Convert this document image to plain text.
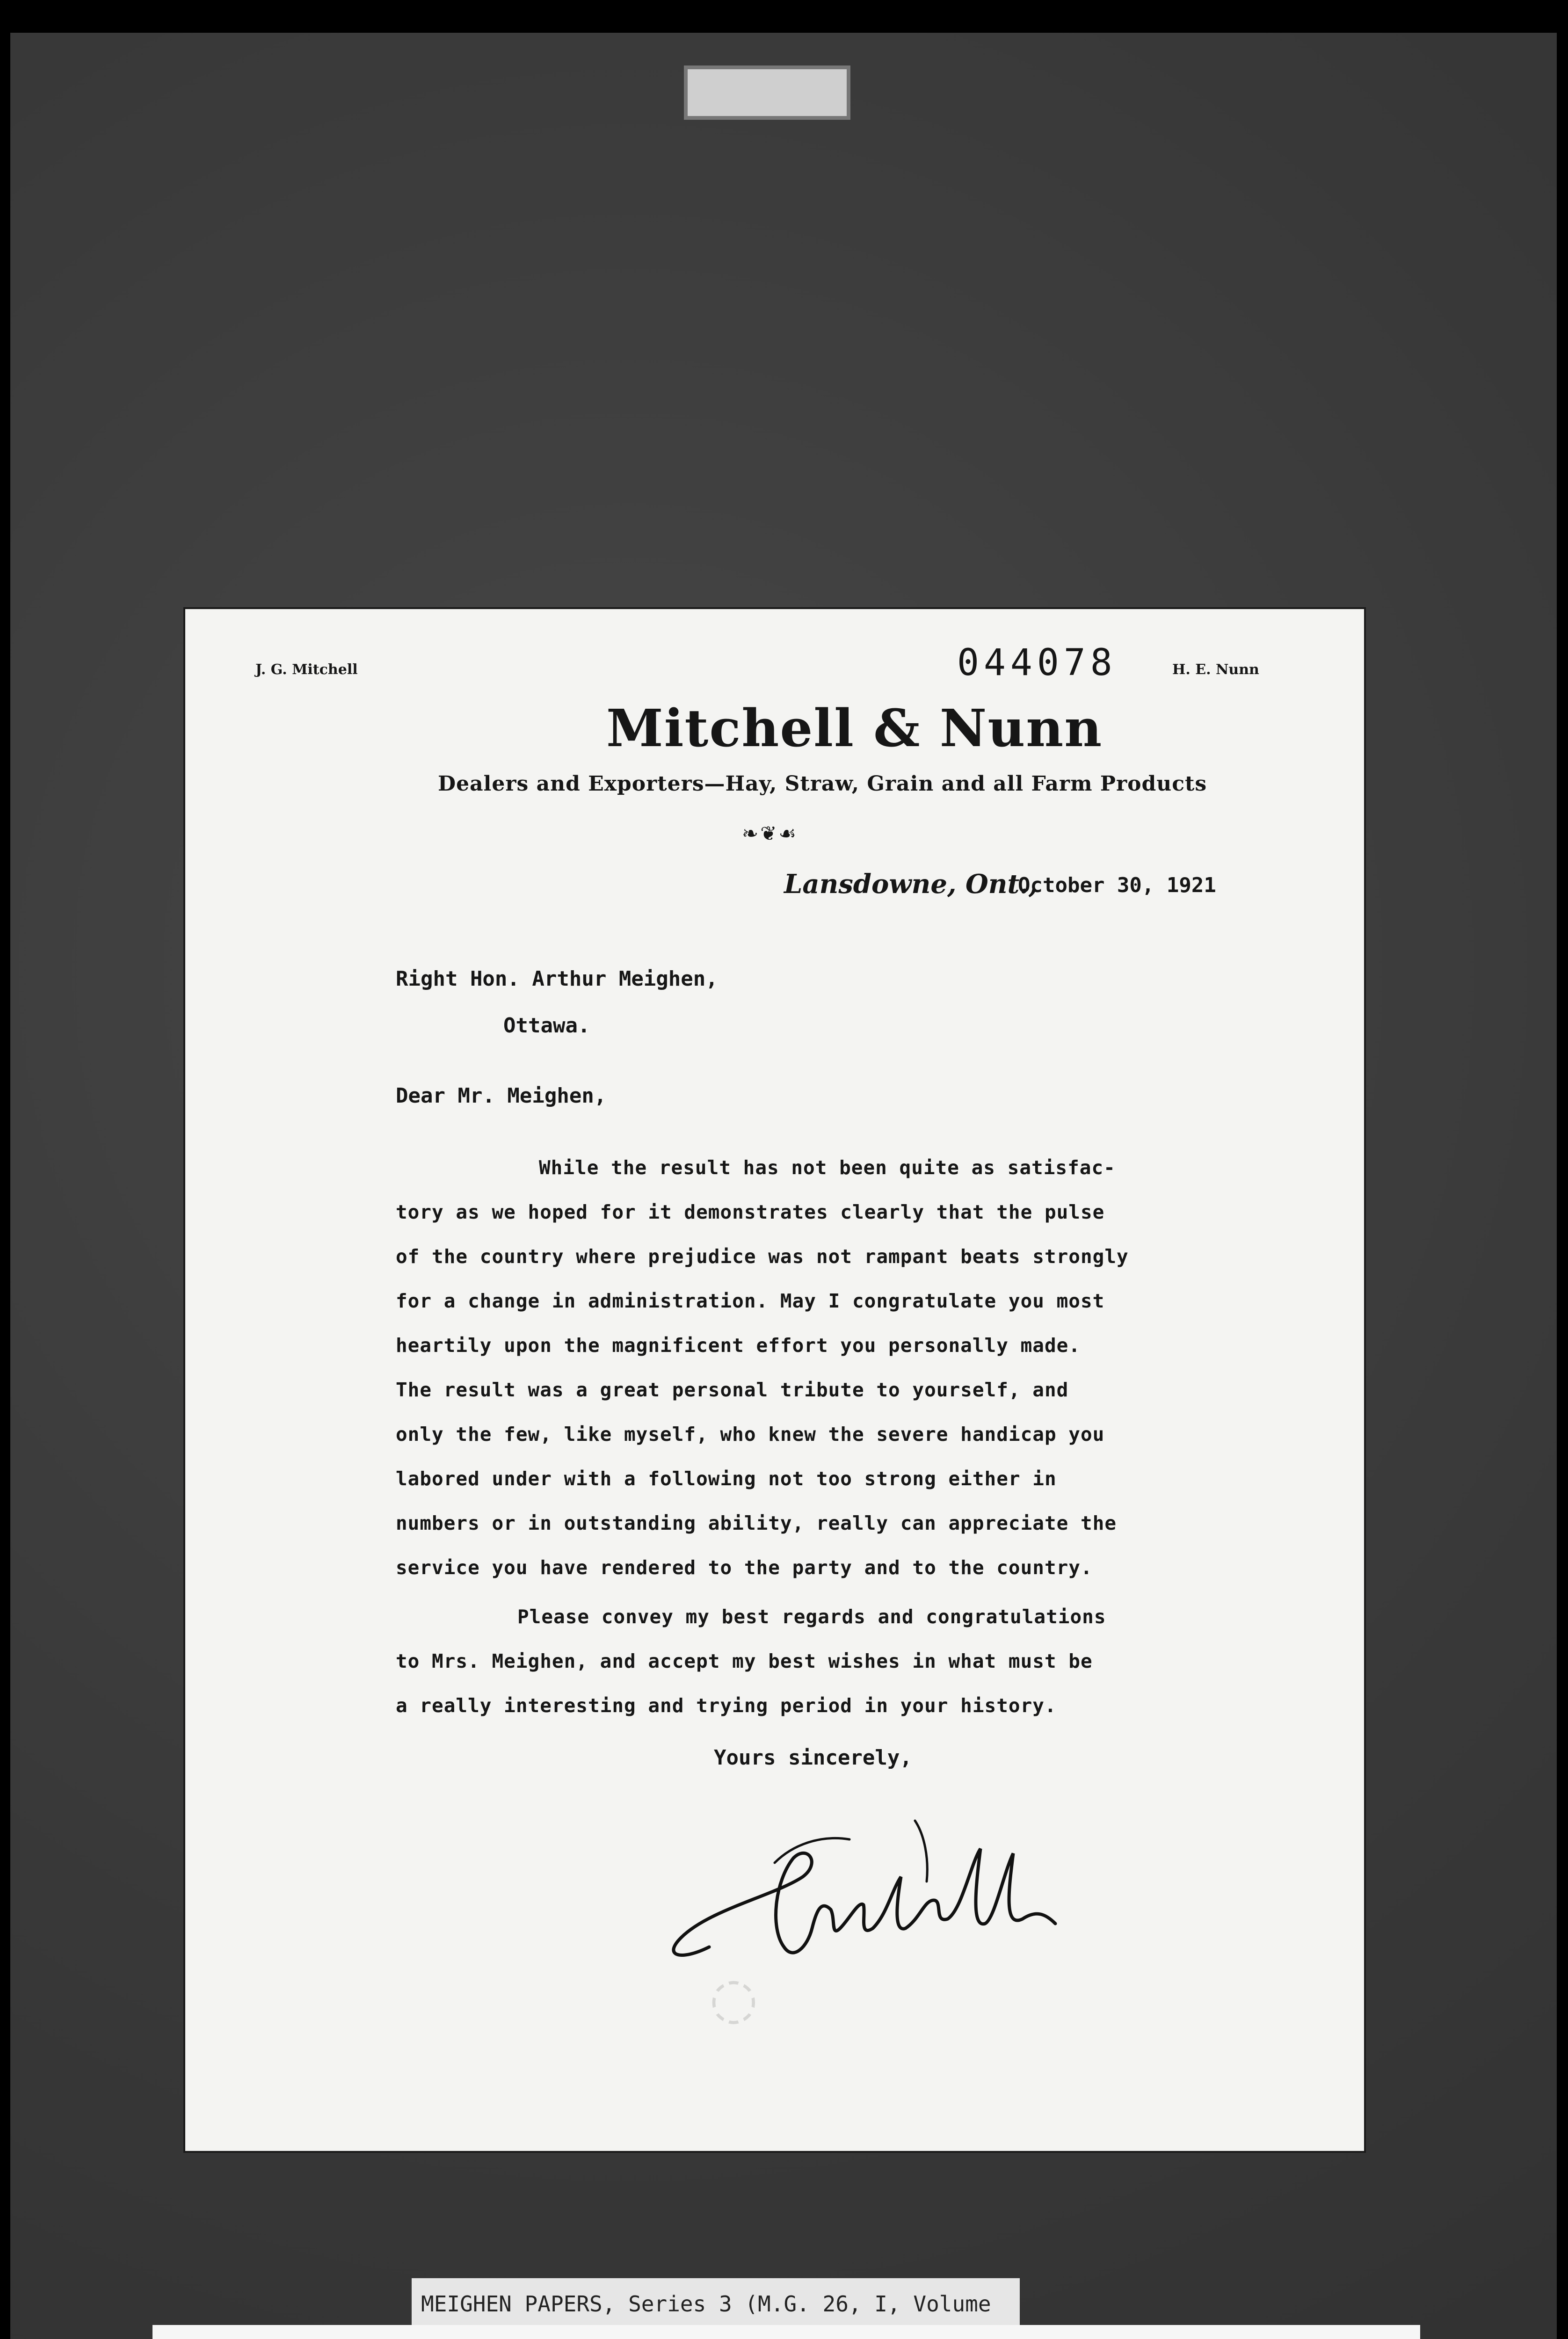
J. G. Mitchell	044078	H. E. Nunn
Mitchell & Nunn
Dealers and Exporters—Hay, Straw, Grain and all Farm Products
❧❦☙
Lansdowne, Ont.,
October 30, 1921
Right Hon. Arthur Meighen,
Ottawa.
Dear Mr. Meighen,
While the result has not been quite as satisfac-
tory as we hoped for it demonstrates clearly that the pulse
of the country where prejudice was not rampant beats strongly
for a change in administration. May I congratulate you most
heartily upon the magnificent effort you personally made.
The result was a great personal tribute to yourself, and
only the few, like myself, who knew the severe handicap you
labored under with a following not too strong either in
numbers or in outstanding ability, really can appreciate the
service you have rendered to the party and to the country.
Please convey my best regards and congratulations
to Mrs. Meighen, and accept my best wishes in what must be
a really interesting and trying period in your history.
Yours sincerely,
◌
MEIGHEN PAPERS, Series 3 (M.G. 26, I, Volume
